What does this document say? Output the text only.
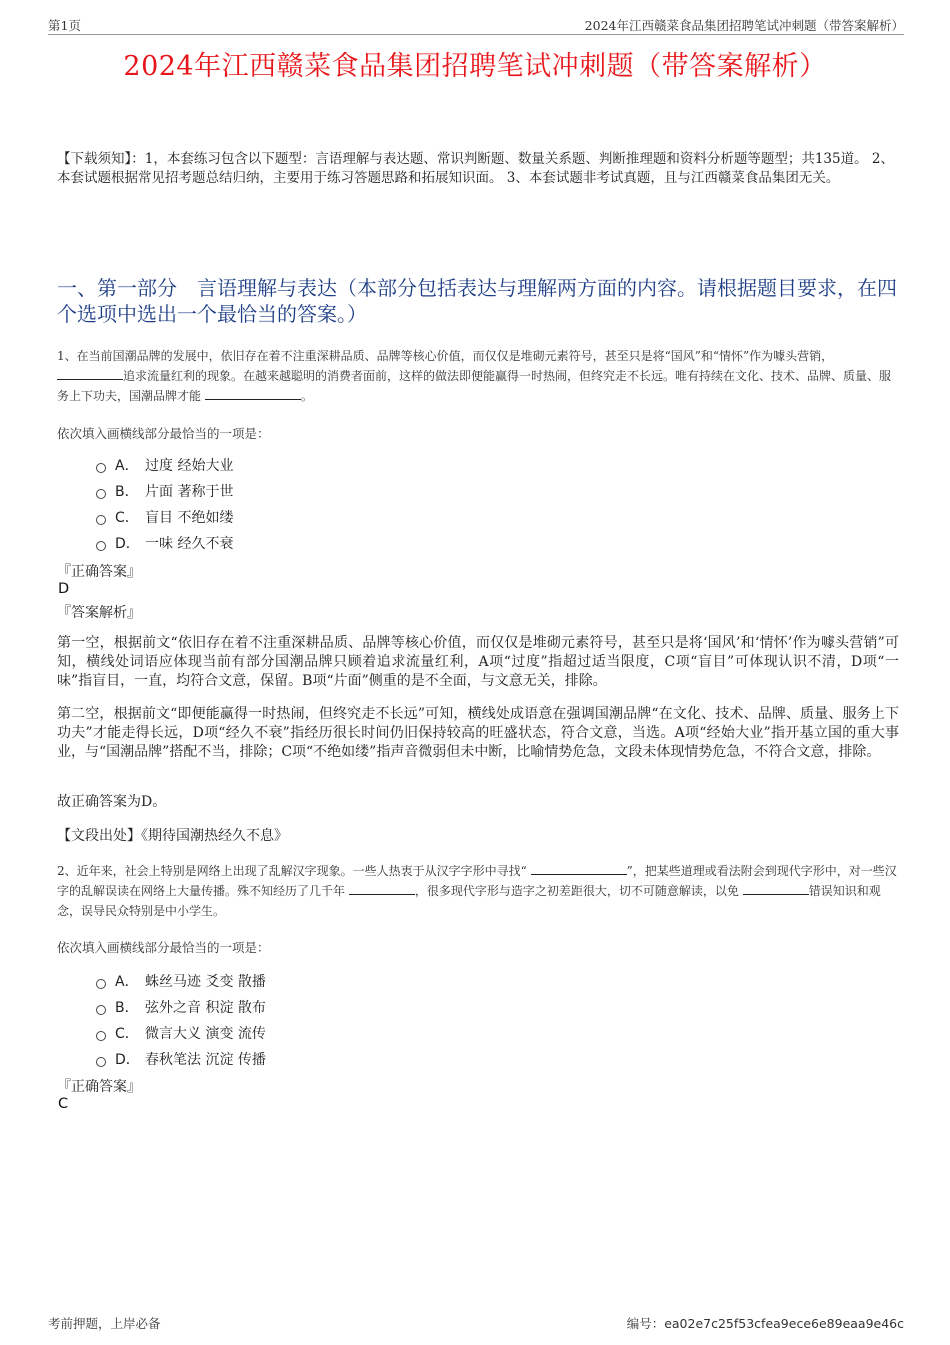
第1页	2024年江西赣菜食品集团招聘笔试冲刺题（带答案解析）
2024年江西赣菜食品集团招聘笔试冲刺题（带答案解析）
【下载须知】：1，本套练习包含以下题型：言语理解与表达题、常识判断题、数量关系题、判断推理题和资料分析题等题型；共135道。 2、本套试题根据常见招考题总结归纳，主要用于练习答题思路和拓展知识面。 3、本套试题非考试真题，且与江西赣菜食品集团无关。
一、第一部分　言语理解与表达（本部分包括表达与理解两方面的内容。请根据题目要求，在四个选项中选出一个最恰当的答案。）
1、在当前国潮品牌的发展中，依旧存在着不注重深耕品质、品牌等核心价值，而仅仅是堆砌元素符号，甚至只是将“国风”和“情怀”作为噱头营销， 追求流量红利的现象。在越来越聪明的消费者面前，这样的做法即便能赢得一时热闹，但终究走不长远。唯有持续在文化、技术、品牌、质量、服务上下功夫，国潮品牌才能	。
依次填入画横线部分最恰当的一项是：
A． 过度 经始大业
B． 片面 著称于世
C． 盲目 不绝如缕
D． 一味 经久不衰
『正确答案』
D
『答案解析』
第一空，根据前文“依旧存在着不注重深耕品质、品牌等核心价值，而仅仅是堆砌元素符号，甚至只是将‘国风’和‘情怀’作为噱头营销”可知，横线处词语应体现当前有部分国潮品牌只顾着追求流量红利，A项“过度”指超过适当限度，C项“盲目”可体现认识不清，D项“一味”指盲目，一直，均符合文意，保留。B项“片面”侧重的是不全面，与文意无关，排除。
第二空，根据前文“即便能赢得一时热闹，但终究走不长远”可知，横线处成语意在强调国潮品牌“在文化、技术、品牌、质量、服务上下功夫”才能走得长远，D项“经久不衰”指经历很长时间仍旧保持较高的旺盛状态，符合文意，当选。A项“经始大业”指开基立国的重大事业，与“国潮品牌”搭配不当，排除；C项“不绝如缕”指声音微弱但未中断，比喻情势危急，文段未体现情势危急，不符合文意，排除。
故正确答案为D。
【文段出处】《期待国潮热经久不息》
2、近年来，社会上特别是网络上出现了乱解汉字现象。一些人热衷于从汉字字形中寻找“	”，把某些道理或看法附会到现代字形中，对一些汉字的乱解误读在网络上大量传播。殊不知经历了几千年	，很多现代字形与造字之初差距很大，切不可随意解读，以免	错误知识和观念，误导民众特别是中小学生。
依次填入画横线部分最恰当的一项是：
A． 蛛丝马迹 爻变 散播
B． 弦外之音 积淀 散布
C． 微言大义 演变 流传
D． 春秋笔法 沉淀 传播
『正确答案』
C
考前押题，上岸必备	编号：ea02e7c25f53cfea9ece6e89eaa9e46c
